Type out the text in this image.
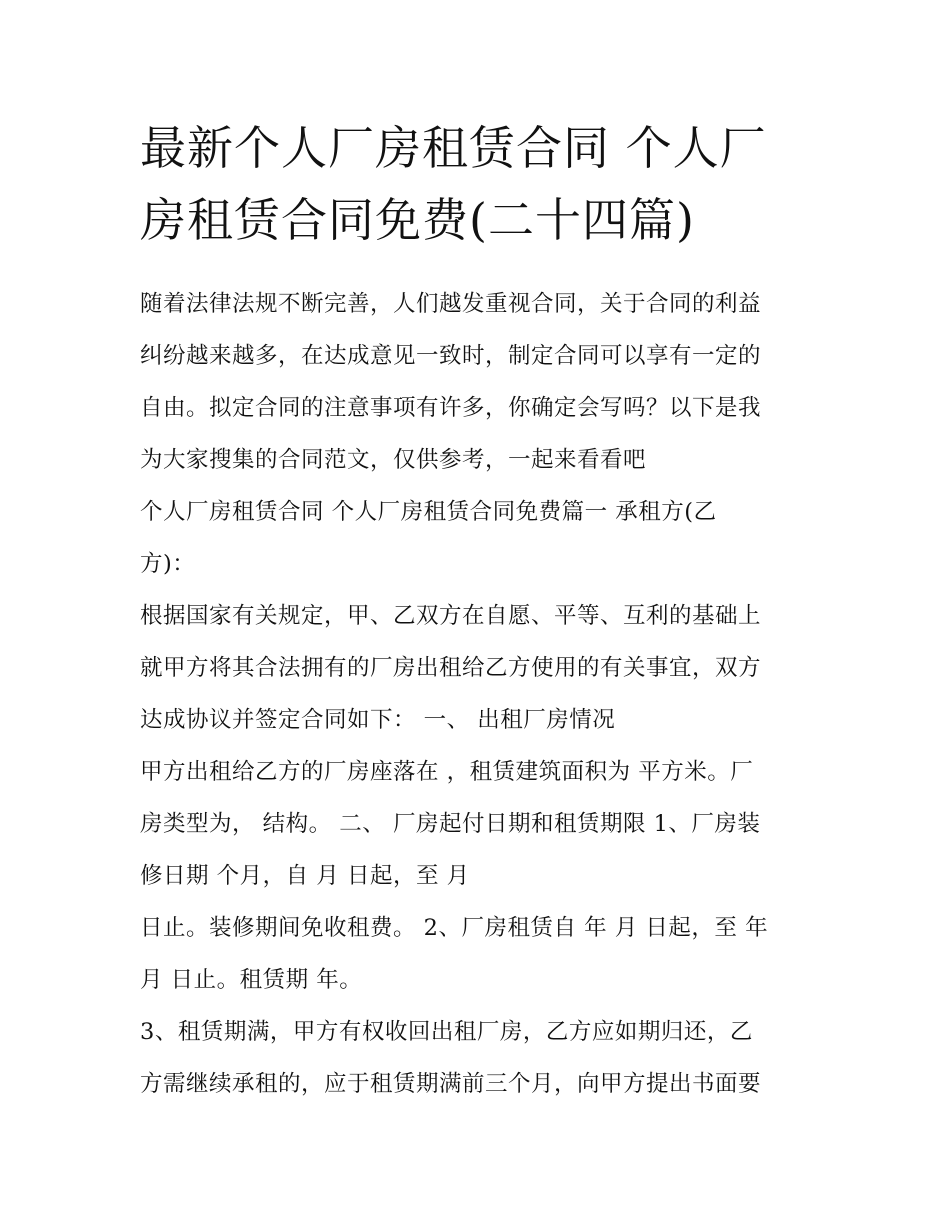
最新个人厂房租赁合同 个人厂
房租赁合同免费(二十四篇)

随着法律法规不断完善，人们越发重视合同，关于合同的利益

纠纷越来越多，在达成意见一致时，制定合同可以享有一定的

自由。拟定合同的注意事项有许多，你确定会写吗？以下是我

为大家搜集的合同范文，仅供参考，一起来看看吧

个人厂房租赁合同 个人厂房租赁合同免费篇一 承租方(乙

方)：

根据国家有关规定，甲、乙双方在自愿、平等、互利的基础上

就甲方将其合法拥有的厂房出租给乙方使用的有关事宜，双方

达成协议并签定合同如下： 一、 出租厂房情况

甲方出租给乙方的厂房座落在 ，租赁建筑面积为 平方米。厂

房类型为， 结构。 二、 厂房起付日期和租赁期限 1、厂房装

修日期 个月，自 月 日起，至 月

日止。装修期间免收租费。 2、厂房租赁自 年 月 日起，至 年

月 日止。租赁期 年。

3、租赁期满，甲方有权收回出租厂房，乙方应如期归还，乙

方需继续承租的，应于租赁期满前三个月，向甲方提出书面要
